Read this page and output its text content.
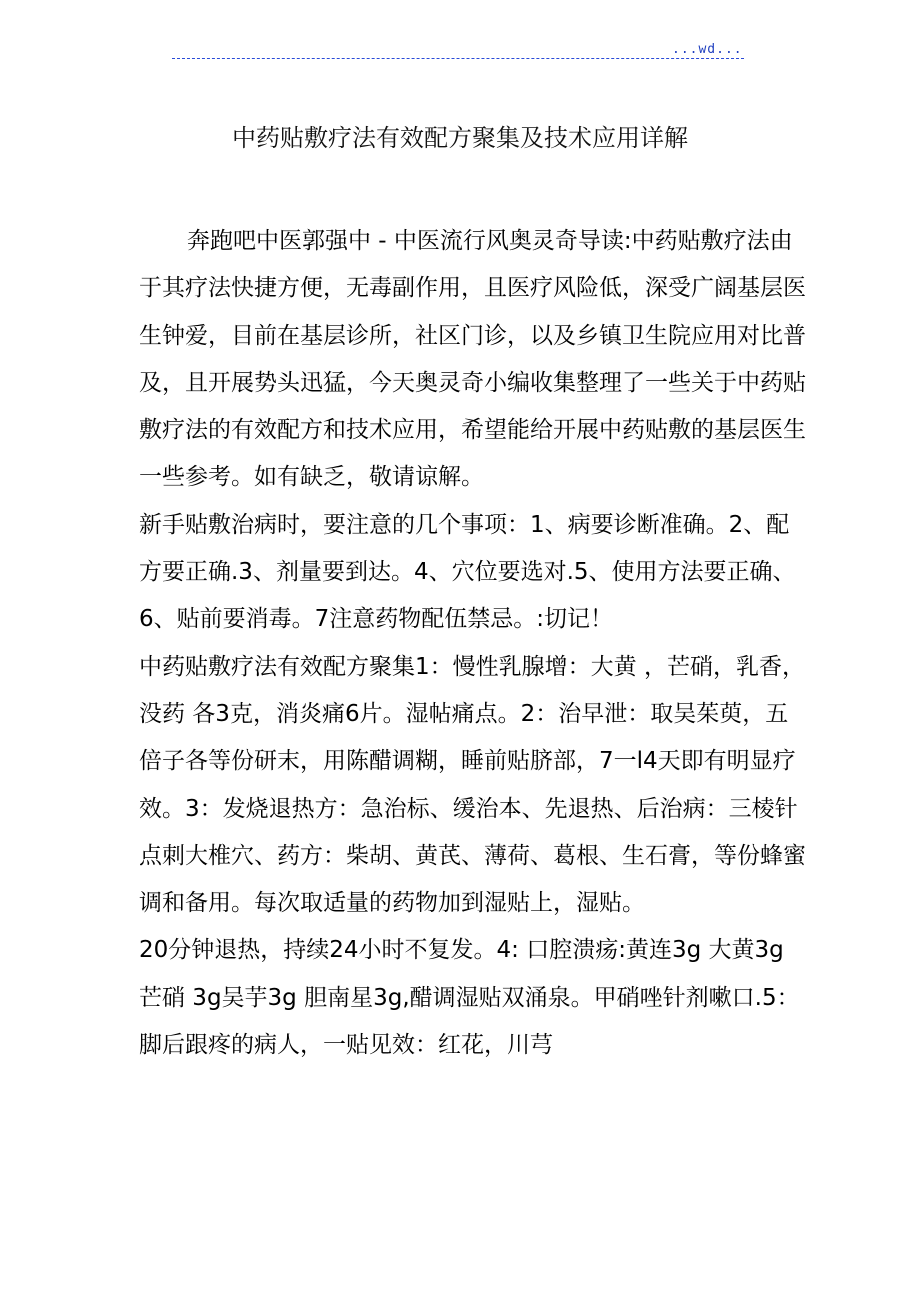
...wd...
中药贴敷疗法有效配方聚集及技术应用详解

奔跑吧中医郭强中 - 中医流行风奥灵奇导读:中药贴敷疗法由于其疗法快捷方便，无毒副作用，且医疗风险低，深受广阔基层医生钟爱，目前在基层诊所，社区门诊，以及乡镇卫生院应用对比普及，且开展势头迅猛，今天奥灵奇小编收集整理了一些关于中药贴敷疗法的有效配方和技术应用，希望能给开展中药贴敷的基层医生一些参考。如有缺乏，敬请谅解。

新手贴敷治病时，要注意的几个事项：1、病要诊断准确。2、配方要正确.3、剂量要到达。4、穴位要选对.5、使用方法要正确、6、贴前要消毒。7注意药物配伍禁忌。:切记！

中药贴敷疗法有效配方聚集1：慢性乳腺增：大黄 ，芒硝，乳香，没药 各3克，消炎痛6片。湿帖痛点。2：治早泄：取吴茱萸，五倍子各等份研末，用陈醋调糊，睡前贴脐部，7一l4天即有明显疗效。3：发烧退热方：急治标、缓治本、先退热、后治病：三棱针点刺大椎穴、药方：柴胡、黄芪、薄荷、葛根、生石膏，等份蜂蜜调和备用。每次取适量的药物加到湿贴上，湿贴。

20分钟退热，持续24小时不复发。4: 口腔溃疡:黄连3g 大黄3g 芒硝 3g吴芋3g 胆南星3g,醋调湿贴双涌泉。甲硝唑针剂嗽口.5：脚后跟疼的病人，一贴见效：红花，川芎
